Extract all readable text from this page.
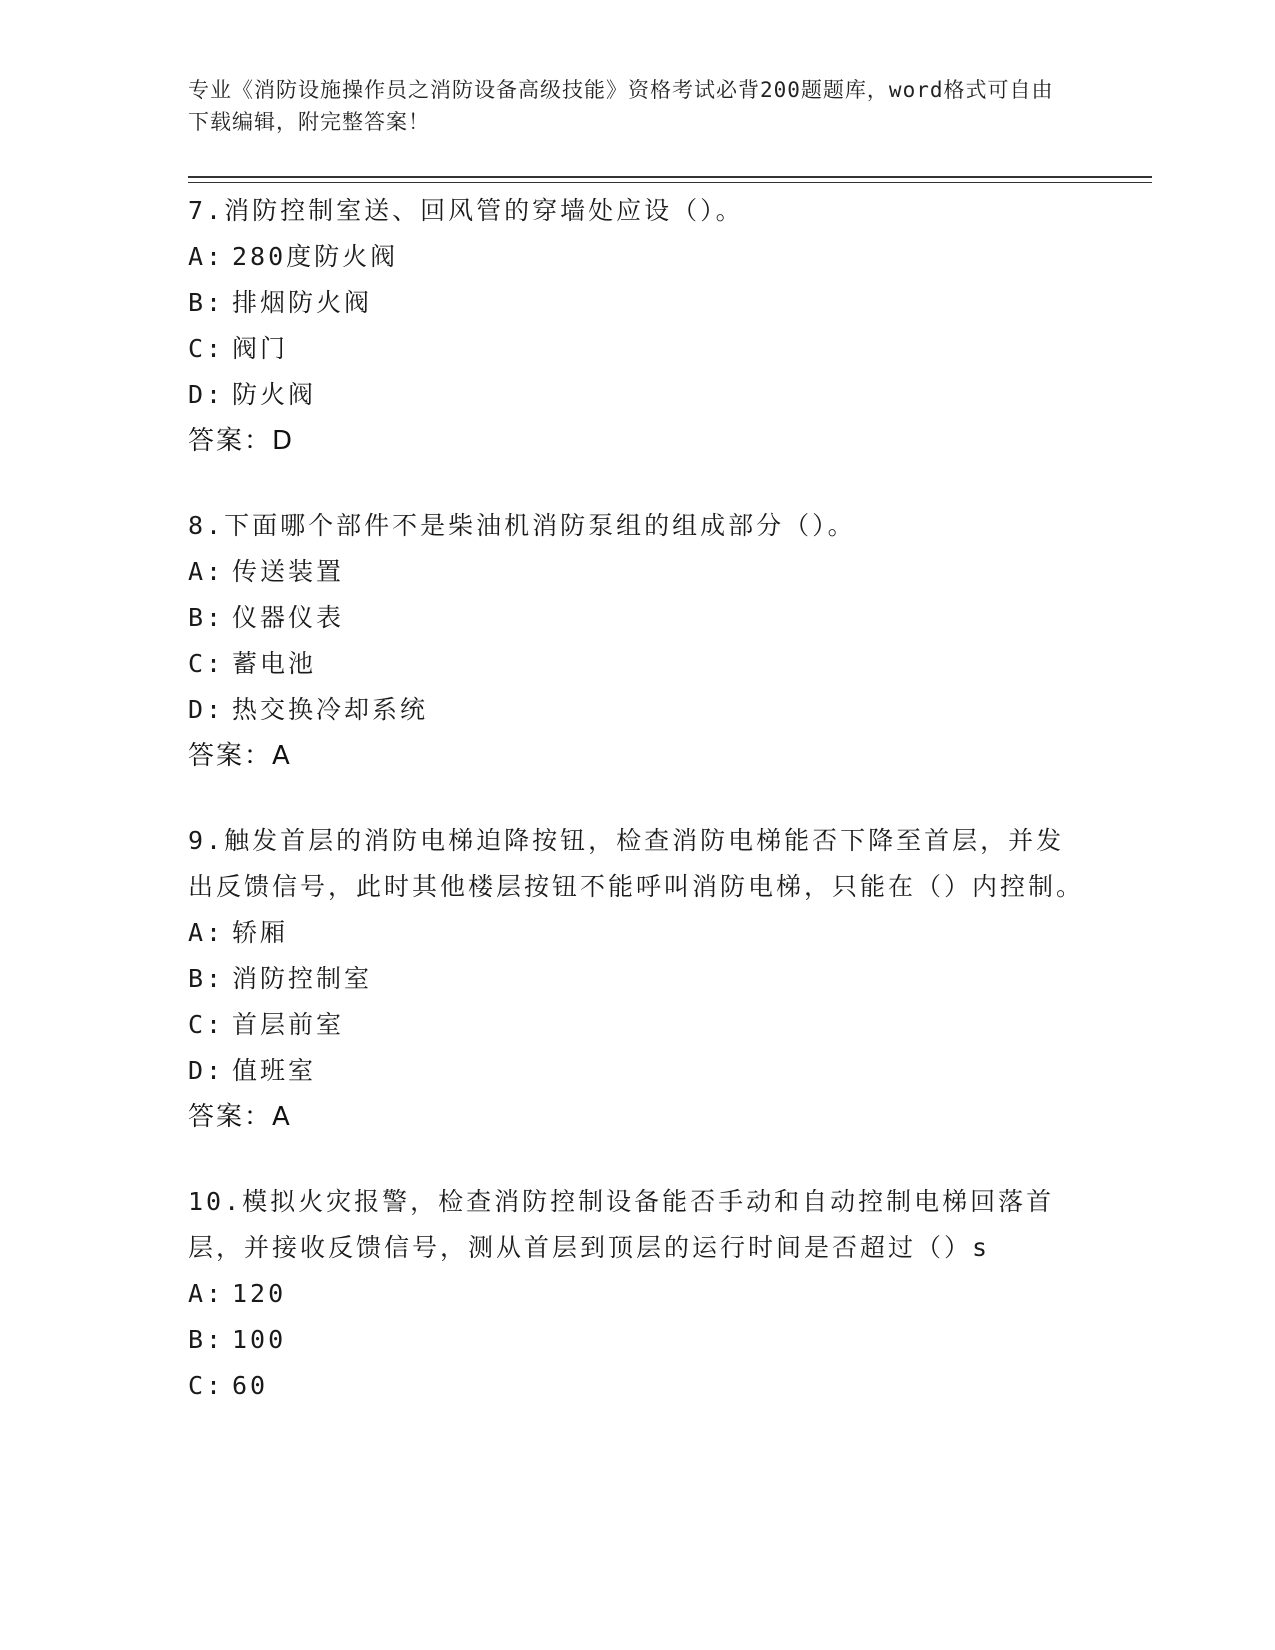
专业《消防设施操作员之消防设备高级技能》资格考试必背200题题库，word格式可自由下载编辑，附完整答案！

7.消防控制室送、回风管的穿墙处应设（）。

A: 280度防火阀

B: 排烟防火阀

C: 阀门

D: 防火阀

答案：D

8.下面哪个部件不是柴油机消防泵组的组成部分（）。

A: 传送装置

B: 仪器仪表

C: 蓄电池

D: 热交换冷却系统

答案：A

9.触发首层的消防电梯迫降按钮，检查消防电梯能否下降至首层，并发出反馈信号，此时其他楼层按钮不能呼叫消防电梯，只能在（）内控制。

A: 轿厢

B: 消防控制室

C: 首层前室

D: 值班室

答案：A

10.模拟火灾报警，检查消防控制设备能否手动和自动控制电梯回落首层，并接收反馈信号，测从首层到顶层的运行时间是否超过（）s

A: 120

B: 100

C: 60
